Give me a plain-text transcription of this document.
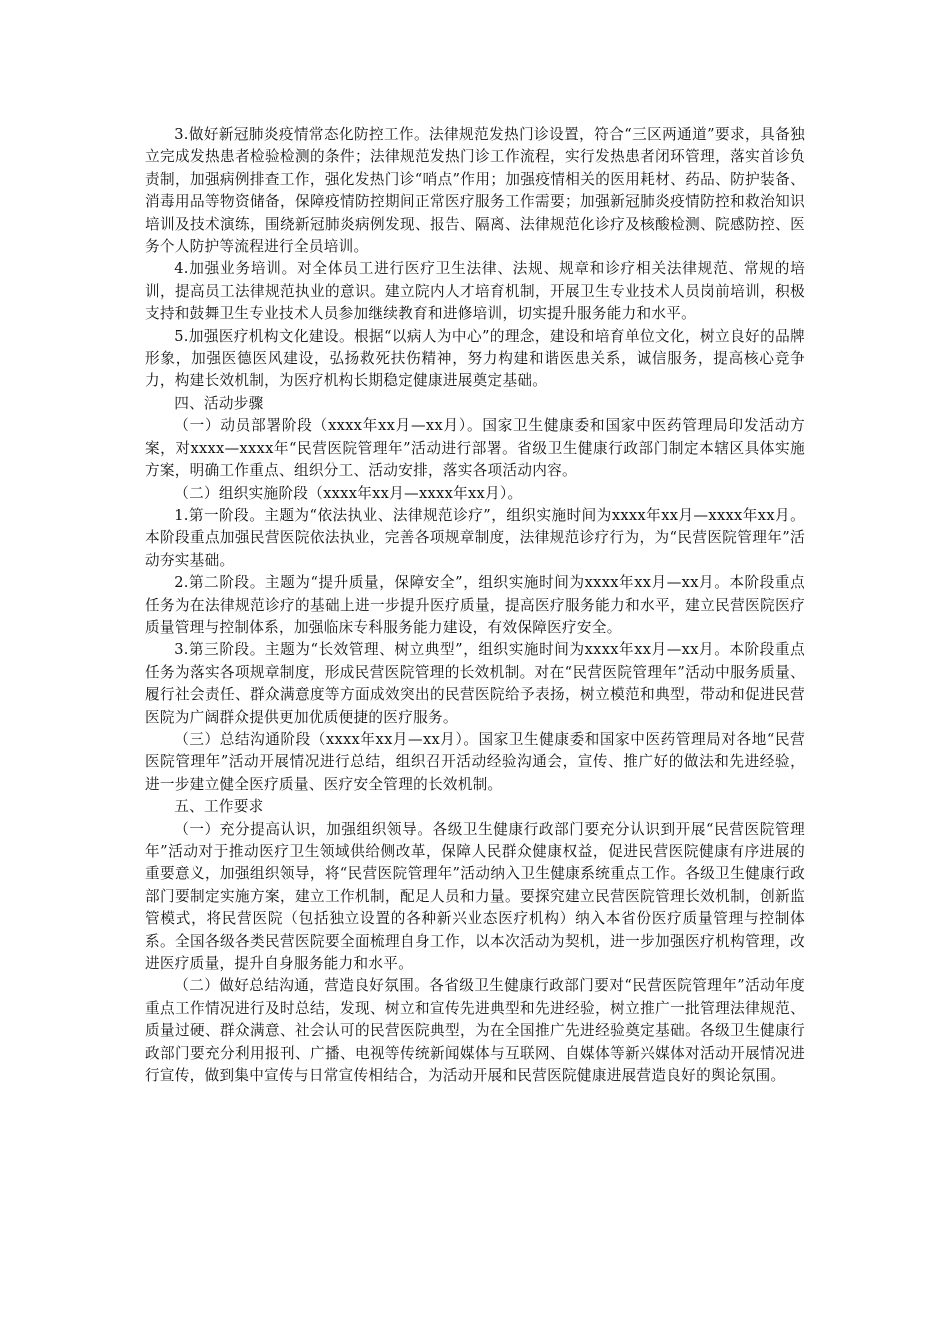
3.做好新冠肺炎疫情常态化防控工作。法律规范发热门诊设置，符合“三区两通道”要求，具备独立完成发热患者检验检测的条件；法律规范发热门诊工作流程，实行发热患者闭环管理，落实首诊负责制，加强病例排查工作，强化发热门诊“哨点”作用；加强疫情相关的医用耗材、药品、防护装备、消毒用品等物资储备，保障疫情防控期间正常医疗服务工作需要；加强新冠肺炎疫情防控和救治知识培训及技术演练，围绕新冠肺炎病例发现、报告、隔离、法律规范化诊疗及核酸检测、院感防控、医务个人防护等流程进行全员培训。

4.加强业务培训。对全体员工进行医疗卫生法律、法规、规章和诊疗相关法律规范、常规的培训，提高员工法律规范执业的意识。建立院内人才培育机制，开展卫生专业技术人员岗前培训，积极支持和鼓舞卫生专业技术人员参加继续教育和进修培训，切实提升服务能力和水平。

5.加强医疗机构文化建设。根据“以病人为中心”的理念，建设和培育单位文化，树立良好的品牌形象，加强医德医风建设，弘扬救死扶伤精神，努力构建和谐医患关系，诚信服务，提高核心竞争力，构建长效机制，为医疗机构长期稳定健康进展奠定基础。

四、活动步骤

（一）动员部署阶段（xxxx年xx月—xx月）。国家卫生健康委和国家中医药管理局印发活动方案，对xxxx—xxxx年“民营医院管理年”活动进行部署。省级卫生健康行政部门制定本辖区具体实施方案，明确工作重点、组织分工、活动安排，落实各项活动内容。

（二）组织实施阶段（xxxx年xx月—xxxx年xx月）。

1.第一阶段。主题为“依法执业、法律规范诊疗”，组织实施时间为xxxx年xx月—xxxx年xx月。本阶段重点加强民营医院依法执业，完善各项规章制度，法律规范诊疗行为，为“民营医院管理年”活动夯实基础。

2.第二阶段。主题为“提升质量，保障安全”，组织实施时间为xxxx年xx月—xx月。本阶段重点任务为在法律规范诊疗的基础上进一步提升医疗质量，提高医疗服务能力和水平，建立民营医院医疗质量管理与控制体系，加强临床专科服务能力建设，有效保障医疗安全。

3.第三阶段。主题为“长效管理、树立典型”，组织实施时间为xxxx年xx月—xx月。本阶段重点任务为落实各项规章制度，形成民营医院管理的长效机制。对在“民营医院管理年”活动中服务质量、履行社会责任、群众满意度等方面成效突出的民营医院给予表扬，树立模范和典型，带动和促进民营医院为广阔群众提供更加优质便捷的医疗服务。

（三）总结沟通阶段（xxxx年xx月—xx月）。国家卫生健康委和国家中医药管理局对各地“民营医院管理年”活动开展情况进行总结，组织召开活动经验沟通会，宣传、推广好的做法和先进经验，进一步建立健全医疗质量、医疗安全管理的长效机制。

五、工作要求

（一）充分提高认识，加强组织领导。各级卫生健康行政部门要充分认识到开展“民营医院管理年”活动对于推动医疗卫生领域供给侧改革，保障人民群众健康权益，促进民营医院健康有序进展的重要意义，加强组织领导，将“民营医院管理年”活动纳入卫生健康系统重点工作。各级卫生健康行政部门要制定实施方案，建立工作机制，配足人员和力量。要探究建立民营医院管理长效机制，创新监管模式，将民营医院（包括独立设置的各种新兴业态医疗机构）纳入本省份医疗质量管理与控制体系。全国各级各类民营医院要全面梳理自身工作，以本次活动为契机，进一步加强医疗机构管理，改进医疗质量，提升自身服务能力和水平。

（二）做好总结沟通，营造良好氛围。各省级卫生健康行政部门要对“民营医院管理年”活动年度重点工作情况进行及时总结，发现、树立和宣传先进典型和先进经验，树立推广一批管理法律规范、质量过硬、群众满意、社会认可的民营医院典型，为在全国推广先进经验奠定基础。各级卫生健康行政部门要充分利用报刊、广播、电视等传统新闻媒体与互联网、自媒体等新兴媒体对活动开展情况进行宣传，做到集中宣传与日常宣传相结合，为活动开展和民营医院健康进展营造良好的舆论氛围。
